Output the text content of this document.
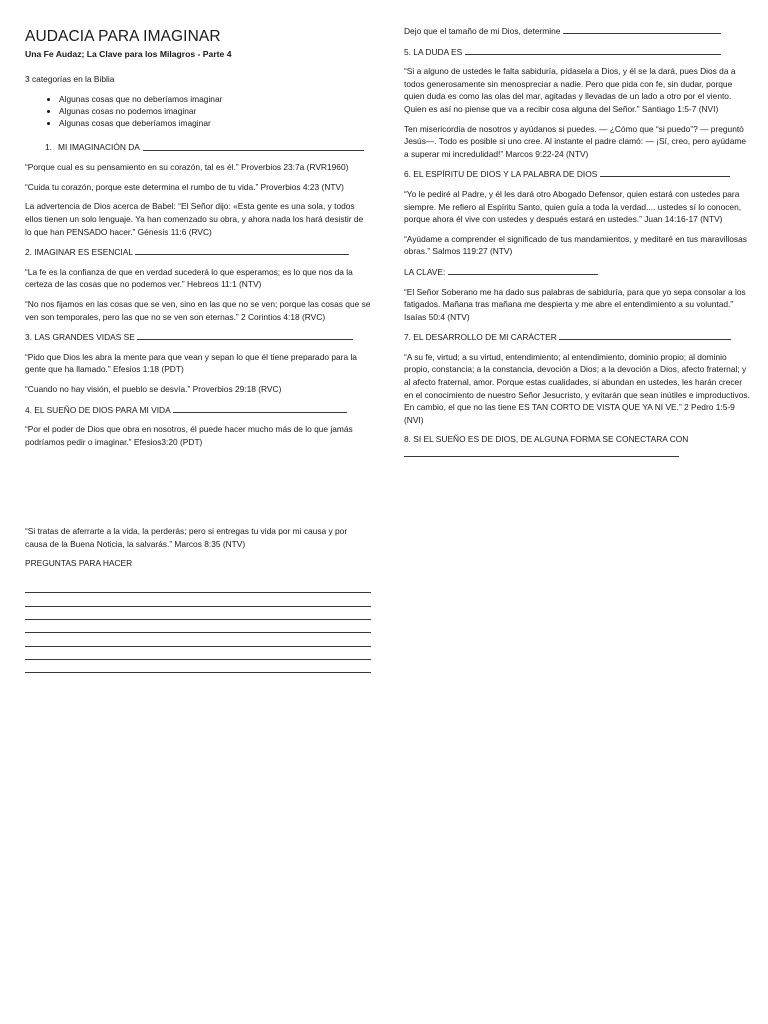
AUDACIA PARA IMAGINAR
Una Fe Audaz; La Clave para los Milagros - Parte 4

3 categorías en la Biblia

• Algunas cosas que no deberíamos imaginar
• Algunas cosas no podemos imaginar
• Algunas cosas que deberíamos imaginar
1. MI IMAGINACIÓN DA

“Porque cual es su pensamiento en su corazón, tal es él.” Proverbios 23:7a (RVR1960)

“Cuida tu corazón, porque este determina el rumbo de tu vida.” Proverbios 4:23 (NTV)

La advertencia de Dios acerca de Babel: “El Señor dijo: «Esta gente es una sola, y todos ellos tienen un solo lenguaje. Ya han comenzado su obra, y ahora nada los hará desistir de lo que han PENSADO hacer.” Génesis 11:6 (RVC)

2. IMAGINAR ES ESENCIAL

“La fe es la confianza de que en verdad sucederá lo que esperamos; es lo que nos da la certeza de las cosas que no podemos ver.” Hebreos 11:1 (NTV)

“No nos fijamos en las cosas que se ven, sino en las que no se ven; porque las cosas que se ven son temporales, pero las que no se ven son eternas.” 2 Corintios 4:18 (RVC)

3. LAS GRANDES VIDAS SE

“Pido que Dios les abra la mente para que vean y sepan lo que él tiene preparado para la gente que ha llamado.” Efesios 1:18 (PDT)

“Cuando no hay visión, el pueblo se desvía.” Proverbios 29:18 (RVC)

4. EL SUEÑO DE DIOS PARA MI VIDA

“Por el poder de Dios que obra en nosotros, él puede hacer mucho más de lo que jamás podríamos pedir o imaginar.” Efesios3:20 (PDT)

“Si tratas de aferrarte a la vida, la perderás; pero si entregas tu vida por mi causa y por causa de la Buena Noticia, la salvarás.” Marcos 8:35 (NTV)

PREGUNTAS PARA HACER

Dejo que el tamaño de mi Dios, determine

5. LA DUDA ES

“Si a alguno de ustedes le falta sabiduría, pídasela a Dios, y él se la dará, pues Dios da a todos generosamente sin menospreciar a nadie. Pero que pida con fe, sin dudar, porque quien duda es como las olas del mar, agitadas y llevadas de un lado a otro por el viento. Quien es así no piense que va a recibir cosa alguna del Señor.” Santiago 1:5-7 (NVI)

Ten misericordia de nosotros y ayúdanos si puedes. — ¿Cómo que “si puedo”? — preguntó Jesús—. Todo es posible si uno cree. Al instante el padre clamó: — ¡Sí, creo, pero ayúdame a superar mi incredulidad!” Marcos 9:22-24 (NTV)

6. EL ESPÍRITU DE DIOS Y LA PALABRA DE DIOS

“Yo le pediré al Padre, y él les dará otro Abogado Defensor, quien estará con ustedes para siempre. Me refiero al Espíritu Santo, quien guía a toda la verdad.... ustedes sí lo conocen, porque ahora él vive con ustedes y después estará en ustedes.” Juan 14:16-17 (NTV)

“Ayúdame a comprender el significado de tus mandamientos, y meditaré en tus maravillosas obras.” Salmos 119:27 (NTV)

LA CLAVE:

“El Señor Soberano me ha dado sus palabras de sabiduría, para que yo sepa consolar a los fatigados. Mañana tras mañana me despierta y me abre el entendimiento a su voluntad.” Isaías 50:4 (NTV)

7. EL DESARROLLO DE MI CARÁCTER

“A su fe, virtud; a su virtud, entendimiento; al entendimiento, dominio propio; al dominio propio, constancia; a la constancia, devoción a Dios; a la devoción a Dios, afecto fraternal; y al afecto fraternal, amor. Porque estas cualidades, si abundan en ustedes, les harán crecer en el conocimiento de nuestro Señor Jesucristo, y evitarán que sean inútiles e improductivos. En cambio, el que no las tiene ES TAN CORTO DE VISTA QUE YA NI VE.” 2 Pedro 1:5-9 (NVI)

8. SI EL SUEÑO ES DE DIOS, DE ALGUNA FORMA SE CONECTARA CON
